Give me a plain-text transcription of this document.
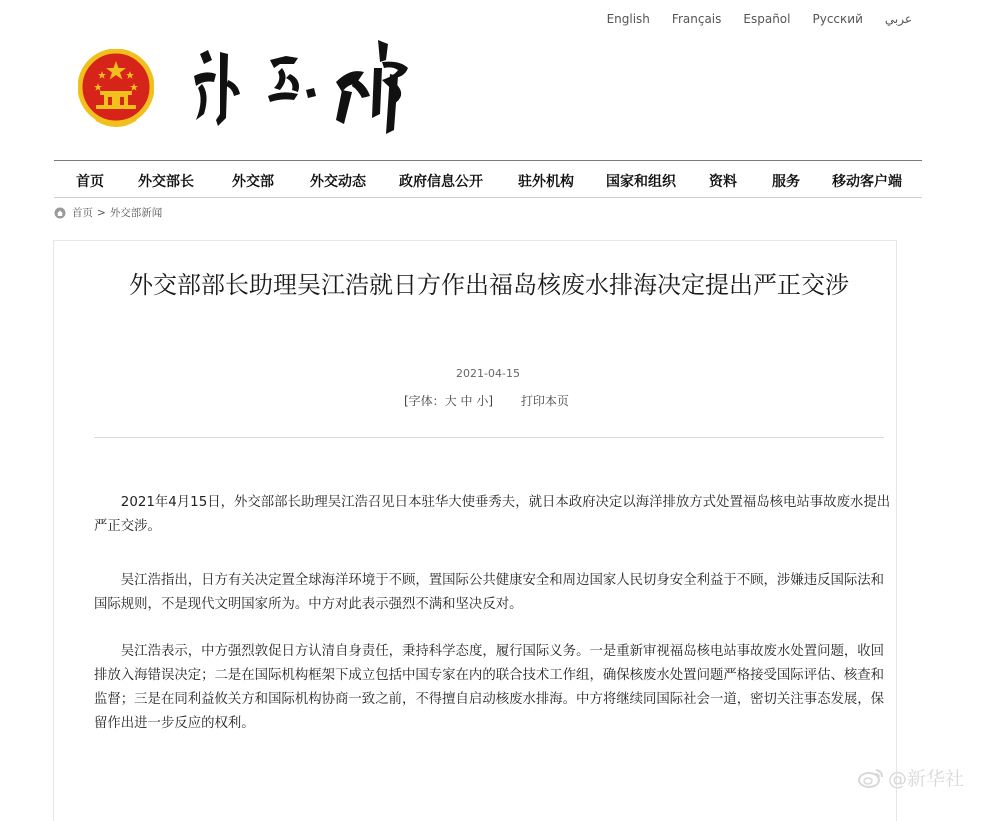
English Français Español Русский عربي
首页 外交部长	外交部	外交动态 政府信息公开	驻外机构 国家和组织 资料	服务 移动客户端
首页 > 外交部新闻
外交部部长助理吴江浩就日方作出福岛核废水排海决定提出严正交涉
2021-04-15
[字体：大 中 小] 打印本页

2021年4月15日，外交部部长助理吴江浩召见日本驻华大使垂秀夫，就日本政府决定以海洋排放方式处置福岛核电站事故废水提出严正交涉。

吴江浩指出，日方有关决定置全球海洋环境于不顾，置国际公共健康安全和周边国家人民切身安全利益于不顾，涉嫌违反国际法和国际规则，不是现代文明国家所为。中方对此表示强烈不满和坚决反对。

吴江浩表示，中方强烈敦促日方认清自身责任，秉持科学态度，履行国际义务。一是重新审视福岛核电站事故废水处置问题，收回排放入海错误决定；二是在国际机构框架下成立包括中国专家在内的联合技术工作组，确保核废水处置问题严格接受国际评估、核查和监督；三是在同利益攸关方和国际机构协商一致之前，不得擅自启动核废水排海。中方将继续同国际社会一道，密切关注事态发展，保留作出进一步反应的权利。

@新华社
